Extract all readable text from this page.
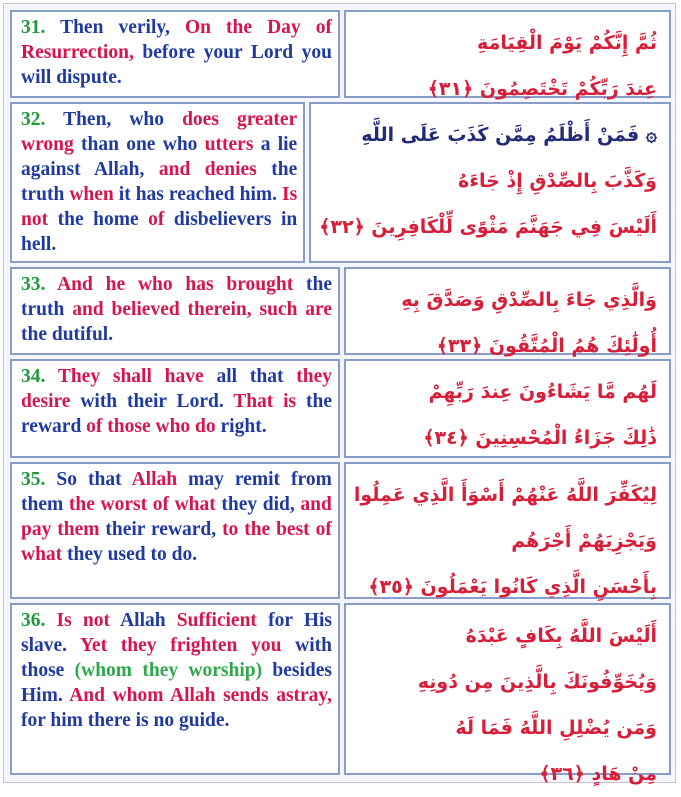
31. Then verily, On the Day of Resurrection, before your Lord you will dispute.
ثُمَّ إِنَّكُمْ يَوْمَ الْقِيَامَةِ
عِندَ رَبِّكُمْ تَخْتَصِمُونَ ﴿٣١﴾
32. Then, who does greater wrong than one who utters a lie against Allah, and denies the truth when it has reached him. Is not the home of disbelievers in hell.
۞ فَمَنْ أَظْلَمُ مِمَّن كَذَبَ عَلَى اللَّهِ
وَكَذَّبَ بِالصِّدْقِ إِذْ جَاءَهُ
أَلَيْسَ فِي جَهَنَّمَ مَثْوًى لِّلْكَافِرِينَ ﴿٣٢﴾
33. And he who has brought the truth and believed therein, such are the dutiful.
وَالَّذِي جَاءَ بِالصِّدْقِ وَصَدَّقَ بِهِ
أُولَٰئِكَ هُمُ الْمُتَّقُونَ ﴿٣٣﴾
34. They shall have all that they desire with their Lord. That is the reward of those who do right.
لَهُم مَّا يَشَاءُونَ عِندَ رَبِّهِمْ
ذَٰلِكَ جَزَاءُ الْمُحْسِنِينَ ﴿٣٤﴾
35. So that Allah may remit from them the worst of what they did, and pay them their reward, to the best of what they used to do.
لِيُكَفِّرَ اللَّهُ عَنْهُمْ أَسْوَأَ الَّذِي عَمِلُوا
وَيَجْزِيَهُمْ أَجْرَهُم
بِأَحْسَنِ الَّذِي كَانُوا يَعْمَلُونَ ﴿٣٥﴾
36. Is not Allah Sufficient for His slave. Yet they frighten you with those (whom they worship) besides Him. And whom Allah sends astray, for him there is no guide.
أَلَيْسَ اللَّهُ بِكَافٍ عَبْدَهُ
وَيُخَوِّفُونَكَ بِالَّذِينَ مِن دُونِهِ
وَمَن يُضْلِلِ اللَّهُ فَمَا لَهُ
مِنْ هَادٍ ﴿٣٦﴾
